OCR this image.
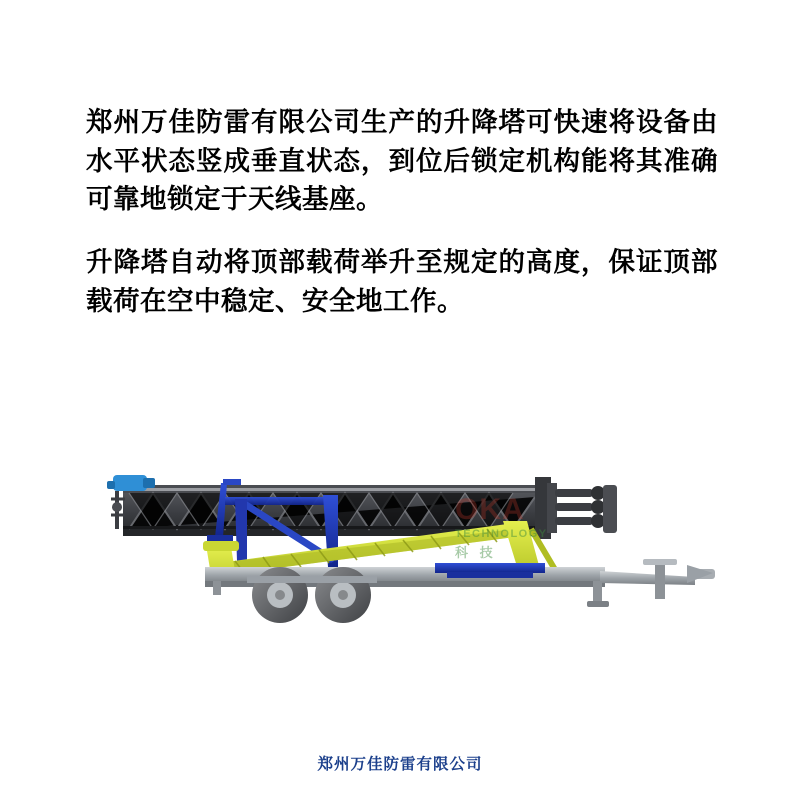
郑州万佳防雷有限公司生产的升降塔可快速将设备由水平状态竖成垂直状态，到位后锁定机构能将其准确可靠地锁定于天线基座。

升降塔自动将顶部载荷举升至规定的高度，保证顶部载荷在空中稳定、安全地工作。

OKA
TECHNOLOGY
科 技
郑州万佳防雷有限公司
